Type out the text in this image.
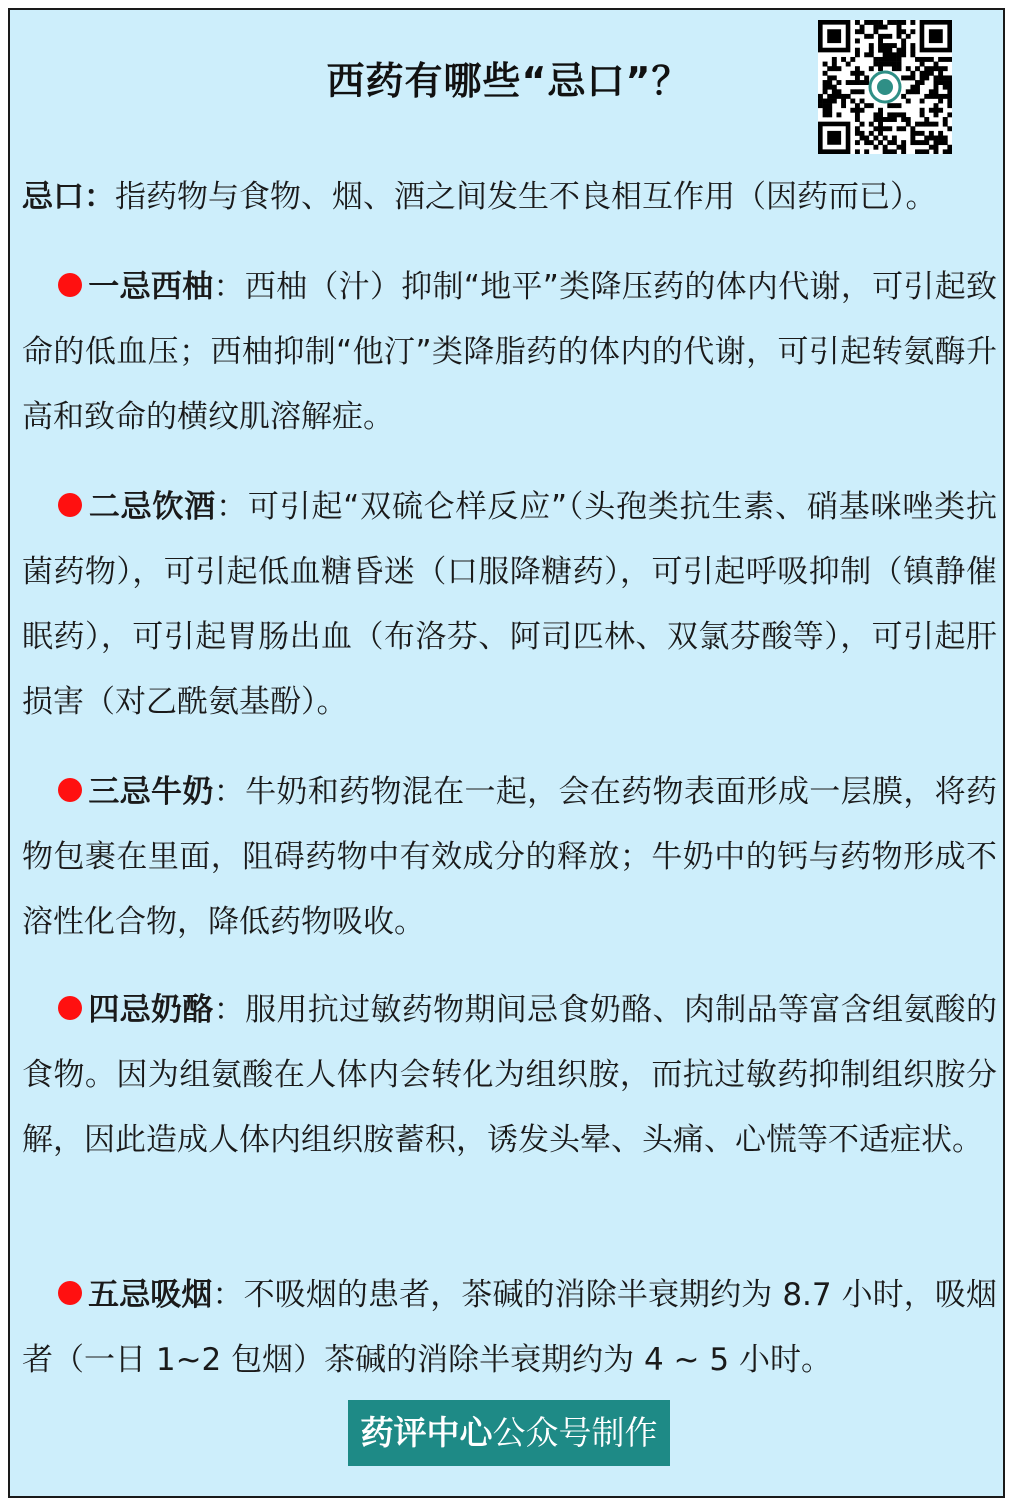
西药有哪些“忌口”？
忌口：指药物与食物、烟、酒之间发生不良相互作用（因药而已）。
一忌西柚：西柚（汁）抑制“地平”类降压药的体内代谢，可引起致命的低血压；西柚抑制“他汀”类降脂药的体内的代谢，可引起转氨酶升高和致命的横纹肌溶解症。
二忌饮酒：可引起“双硫仑样反应”（头孢类抗生素、硝基咪唑类抗菌药物），可引起低血糖昏迷（口服降糖药），可引起呼吸抑制（镇静催眠药），可引起胃肠出血（布洛芬、阿司匹林、双氯芬酸等），可引起肝损害（对乙酰氨基酚）。
三忌牛奶：牛奶和药物混在一起，会在药物表面形成一层膜，将药物包裹在里面，阻碍药物中有效成分的释放；牛奶中的钙与药物形成不溶性化合物，降低药物吸收。
四忌奶酪：服用抗过敏药物期间忌食奶酪、肉制品等富含组氨酸的食物。因为组氨酸在人体内会转化为组织胺，而抗过敏药抑制组织胺分解，因此造成人体内组织胺蓄积，诱发头晕、头痛、心慌等不适症状。
五忌吸烟：不吸烟的患者，茶碱的消除半衰期约为 8.7 小时，吸烟者（一日 1~2 包烟）茶碱的消除半衰期约为 4 ~ 5 小时。
药评中心公众号制作
